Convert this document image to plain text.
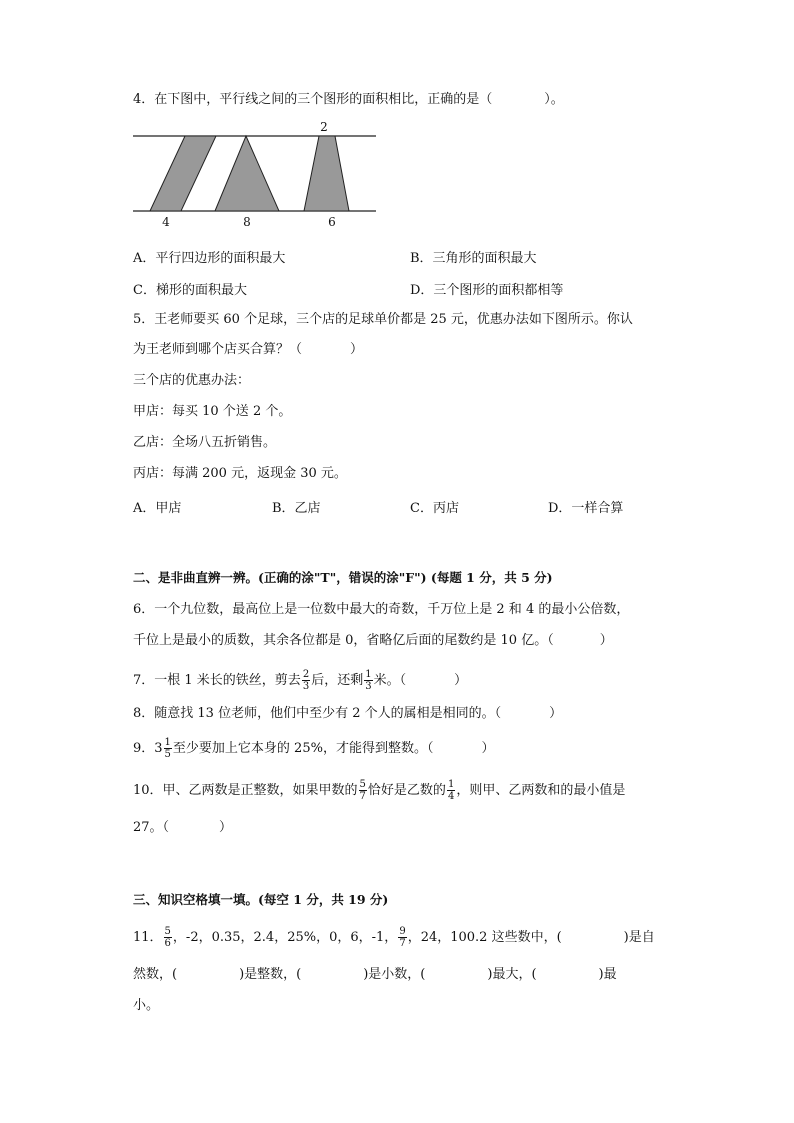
4．在下图中，平行线之间的三个图形的面积相比，正确的是（	）。
2
4	8	6
A．平行四边形的面积最大	B．三角形的面积最大
C．梯形的面积最大	D．三个图形的面积都相等
5．王老师要买 60 个足球，三个店的足球单价都是 25 元，优惠办法如下图所示。你认
为王老师到哪个店买合算？（	）
三个店的优惠办法：
甲店：每买 10 个送 2 个。
乙店：全场八五折销售。
丙店：每满 200 元，返现金 30 元。
A．甲店	B．乙店	C．丙店	D．一样合算
二、是非曲直辨一辨。(正确的涂"T"，错误的涂"F") (每题 1 分，共 5 分)
6．一个九位数，最高位上是一位数中最大的奇数，千万位上是 2 和 4 的最小公倍数，
千位上是最小的质数，其余各位都是 0，省略亿后面的尾数约是 10 亿。（	）
7．一根 1 米长的铁丝，剪去 $\frac{2}{3}$ 后，还剩 $\frac{1}{3}$ 米。（	）
8．随意找 13 位老师，他们中至少有 2 个人的属相是相同的。（	）
9．$3 \frac{1}{5}$ 至少要加上它本身的 25%，才能得到整数。（	）
10．甲、乙两数是正整数，如果甲数的 $\frac{5}{7}$ 恰好是乙数的 $\frac{1}{4}$ ，则甲、乙两数和的最小值是
27。（	）
三、知识空格填一填。(每空 1 分，共 19 分)
11． $\frac{5}{6}$ ，-2，0.35，2.4，25%，0，6，-1， $\frac{9}{7}$ ，24，100.2 这些数中，(	)是自
然数，(	)是整数，(	)是小数，(	)最大，(	)最
小。
